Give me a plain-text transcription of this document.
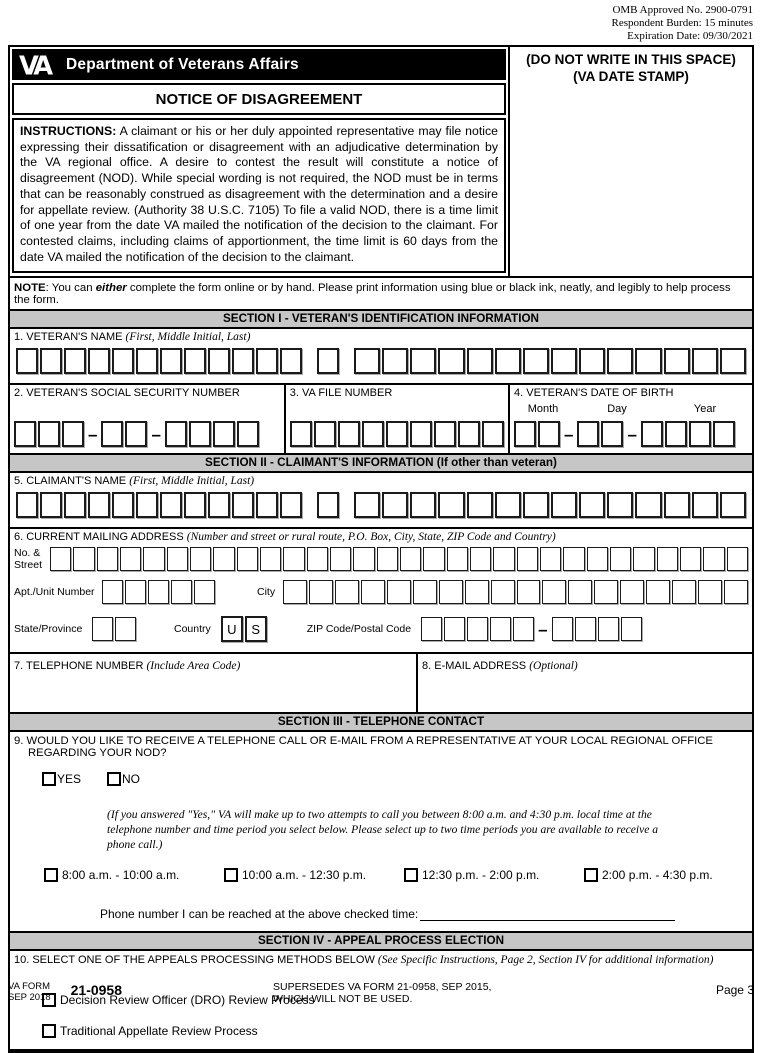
OMB Approved No. 2900-0791
Respondent Burden: 15 minutes
Expiration Date: 09/30/2021
VA Department of Veterans Affairs
NOTICE OF DISAGREEMENT
INSTRUCTIONS: A claimant or his or her duly appointed representative may file notice expressing their dissatification or disagreement with an adjudicative determination by the VA regional office. A desire to contest the result will constitute a notice of disagreement (NOD). While special wording is not required, the NOD must be in terms that can be reasonably construed as disagreement with the determination and a desire for appellate review. (Authority 38 U.S.C. 7105) To file a valid NOD, there is a time limit of one year from the date VA mailed the notification of the decision to the claimant. For contested claims, including claims of apportionment, the time limit is 60 days from the date VA mailed the notification of the decision to the claimant.
(DO NOT WRITE IN THIS SPACE)
(VA DATE STAMP)
NOTE: You can either complete the form online or by hand. Please print information using blue or black ink, neatly, and legibly to help process the form.
SECTION I - VETERAN'S IDENTIFICATION INFORMATION
1. VETERAN'S NAME (First, Middle Initial, Last)
2. VETERAN'S SOCIAL SECURITY NUMBER
–	–
3. VA FILE NUMBER	4. VETERAN'S DATE OF BIRTH
Month	Day	Year
–	–
SECTION II - CLAIMANT'S INFORMATION (If other than veteran)
5. CLAIMANT'S NAME (First, Middle Initial, Last)
6. CURRENT MAILING ADDRESS (Number and street or rural route, P.O. Box, City, State, ZIP Code and Country)
No. &
Street
Apt./Unit Number	City
State/Province	Country	U	S	ZIP Code/Postal Code	–
7. TELEPHONE NUMBER (Include Area Code)	8. E-MAIL ADDRESS (Optional)
SECTION III - TELEPHONE CONTACT
9. WOULD YOU LIKE TO RECEIVE A TELEPHONE CALL OR E-MAIL FROM A REPRESENTATIVE AT YOUR LOCAL REGIONAL OFFICE
REGARDING YOUR NOD?
YES	NO
(If you answered "Yes," VA will make up to two attempts to call you between 8:00 a.m. and 4:30 p.m. local time at the telephone number and time period you select below. Please select up to two time periods you are available to receive a phone call.)
8:00 a.m. - 10:00 a.m.	10:00 a.m. - 12:30 p.m.	12:30 p.m. - 2:00 p.m.	2:00 p.m. - 4:30 p.m.
Phone number I can be reached at the above checked time:
SECTION IV - APPEAL PROCESS ELECTION
10. SELECT ONE OF THE APPEALS PROCESSING METHODS BELOW (See Specific Instructions, Page 2, Section IV for additional information)
Decision Review Officer (DRO) Review Process
Traditional Appellate Review Process
VA FORM
SEP 2018 21-0958	SUPERSEDES VA FORM 21-0958, SEP 2015,
WHICH WILL NOT BE USED.
Page 3
